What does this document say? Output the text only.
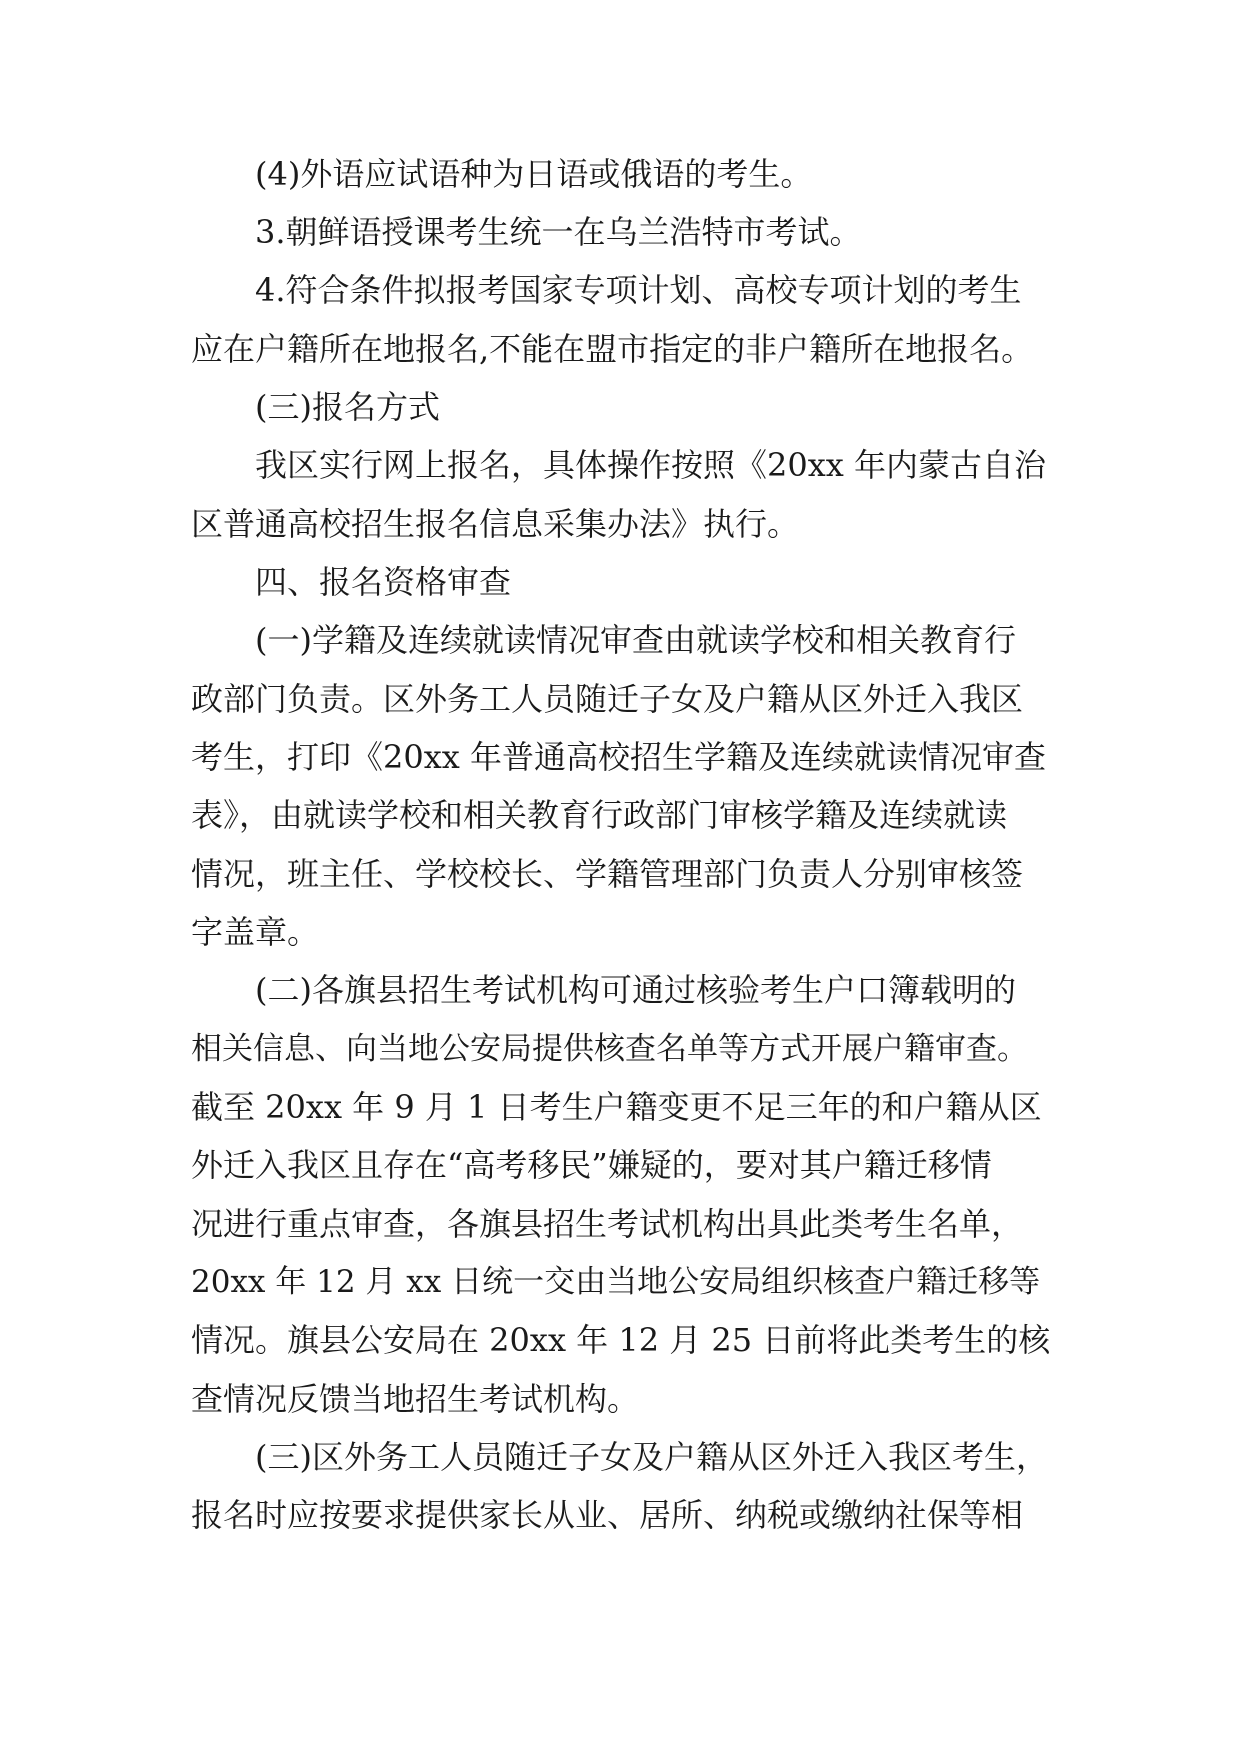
(4)外语应试语种为日语或俄语的考生。

3.朝鲜语授课考生统一在乌兰浩特市考试。

4.符合条件拟报考国家专项计划、高校专项计划的考生

应在户籍所在地报名,不能在盟市指定的非户籍所在地报名。

(三)报名方式

我区实行网上报名，具体操作按照《20xx 年内蒙古自治

区普通高校招生报名信息采集办法》执行。

四、报名资格审查

(一)学籍及连续就读情况审查由就读学校和相关教育行

政部门负责。区外务工人员随迁子女及户籍从区外迁入我区

考生，打印《20xx 年普通高校招生学籍及连续就读情况审查

表》，由就读学校和相关教育行政部门审核学籍及连续就读

情况，班主任、学校校长、学籍管理部门负责人分别审核签

字盖章。

(二)各旗县招生考试机构可通过核验考生户口簿载明的

相关信息、向当地公安局提供核查名单等方式开展户籍审查。

截至 20xx 年 9 月 1 日考生户籍变更不足三年的和户籍从区

外迁入我区且存在“高考移民”嫌疑的，要对其户籍迁移情

况进行重点审查，各旗县招生考试机构出具此类考生名单，

20xx 年 12 月 xx 日统一交由当地公安局组织核查户籍迁移等

情况。旗县公安局在 20xx 年 12 月 25 日前将此类考生的核

查情况反馈当地招生考试机构。

(三)区外务工人员随迁子女及户籍从区外迁入我区考生，

报名时应按要求提供家长从业、居所、纳税或缴纳社保等相
